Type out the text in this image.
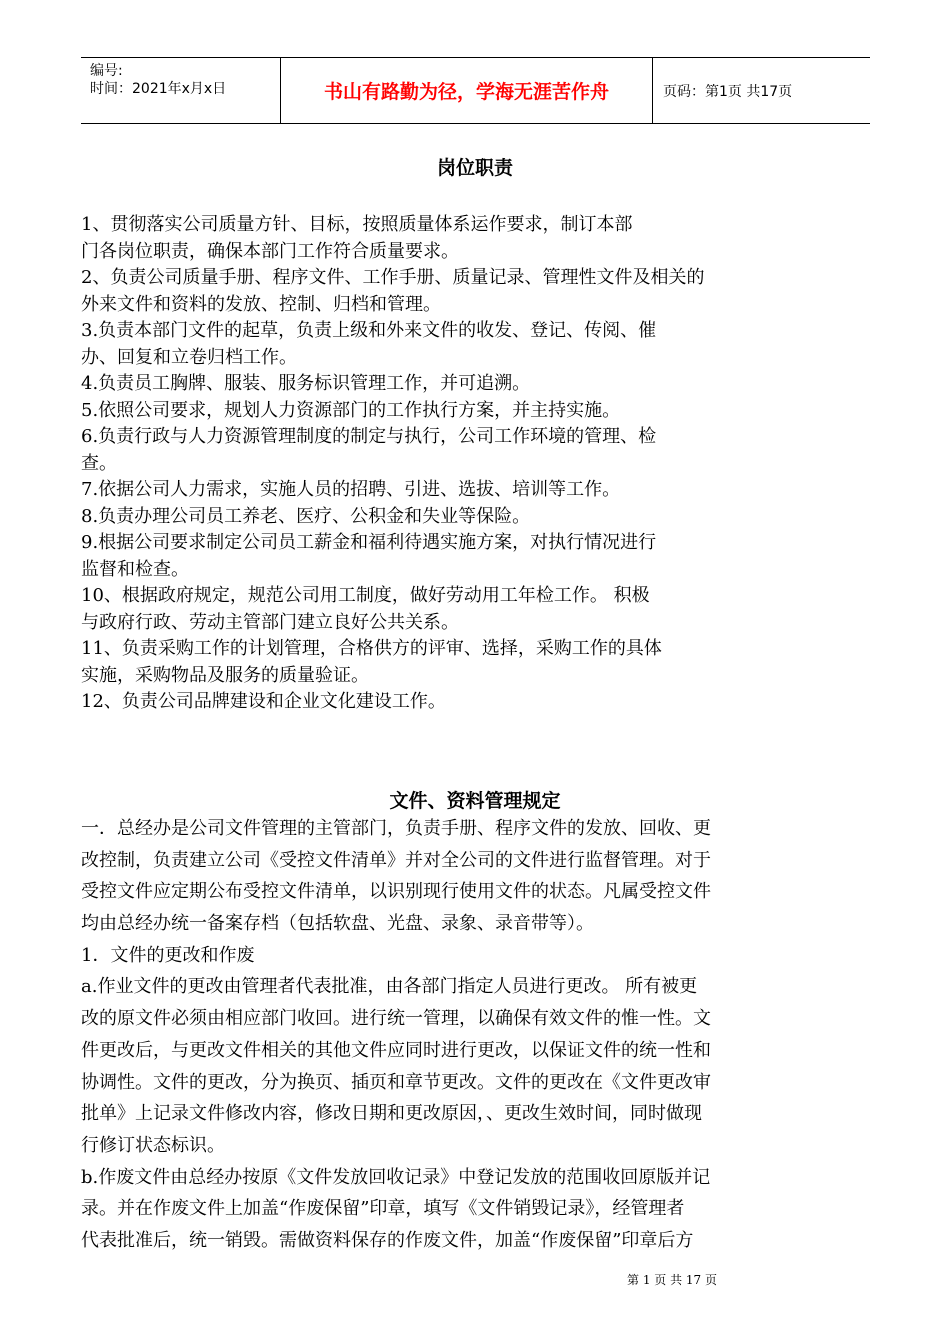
编号:
时间：2021年x月x日	书山有路勤为径，学海无涯苦作舟	页码：第1页 共17页
岗位职责
1、贯彻落实公司质量方针、目标，按照质量体系运作要求，制订本部
门各岗位职责，确保本部门工作符合质量要求。
2、负责公司质量手册、程序文件、工作手册、质量记录、管理性文件及相关的
外来文件和资料的发放、控制、归档和管理。
3.负责本部门文件的起草，负责上级和外来文件的收发、登记、传阅、催
办、回复和立卷归档工作。
4.负责员工胸牌、服装、服务标识管理工作，并可追溯。
5.依照公司要求，规划人力资源部门的工作执行方案，并主持实施。
6.负责行政与人力资源管理制度的制定与执行，公司工作环境的管理、检
查。
7.依据公司人力需求，实施人员的招聘、引进、选拔、培训等工作。
8.负责办理公司员工养老、医疗、公积金和失业等保险。
9.根据公司要求制定公司员工薪金和福利待遇实施方案，对执行情况进行
监督和检查。
10、根据政府规定，规范公司用工制度，做好劳动用工年检工作。 积极
与政府行政、劳动主管部门建立良好公共关系。
11、负责采购工作的计划管理，合格供方的评审、选择，采购工作的具体
实施，采购物品及服务的质量验证。
12、负责公司品牌建设和企业文化建设工作。
文件、资料管理规定
一．总经办是公司文件管理的主管部门，负责手册、程序文件的发放、回收、更
改控制，负责建立公司《受控文件清单》并对全公司的文件进行监督管理。对于
受控文件应定期公布受控文件清单，以识别现行使用文件的状态。凡属受控文件
均由总经办统一备案存档（包括软盘、光盘、录象、录音带等）。
1．文件的更改和作废
a.作业文件的更改由管理者代表批准，由各部门指定人员进行更改。 所有被更
改的原文件必须由相应部门收回。进行统一管理，以确保有效文件的惟一性。文
件更改后，与更改文件相关的其他文件应同时进行更改，以保证文件的统一性和
协调性。文件的更改，分为换页、插页和章节更改。文件的更改在《文件更改审
批单》上记录文件修改内容，修改日期和更改原因，、更改生效时间，同时做现
行修订状态标识。
b.作废文件由总经办按原《文件发放回收记录》中登记发放的范围收回原版并记
录。并在作废文件上加盖“作废保留”印章，填写《文件销毁记录》，经管理者
代表批准后，统一销毁。需做资料保存的作废文件，加盖“作废保留”印章后方
第 1 页 共 17 页
